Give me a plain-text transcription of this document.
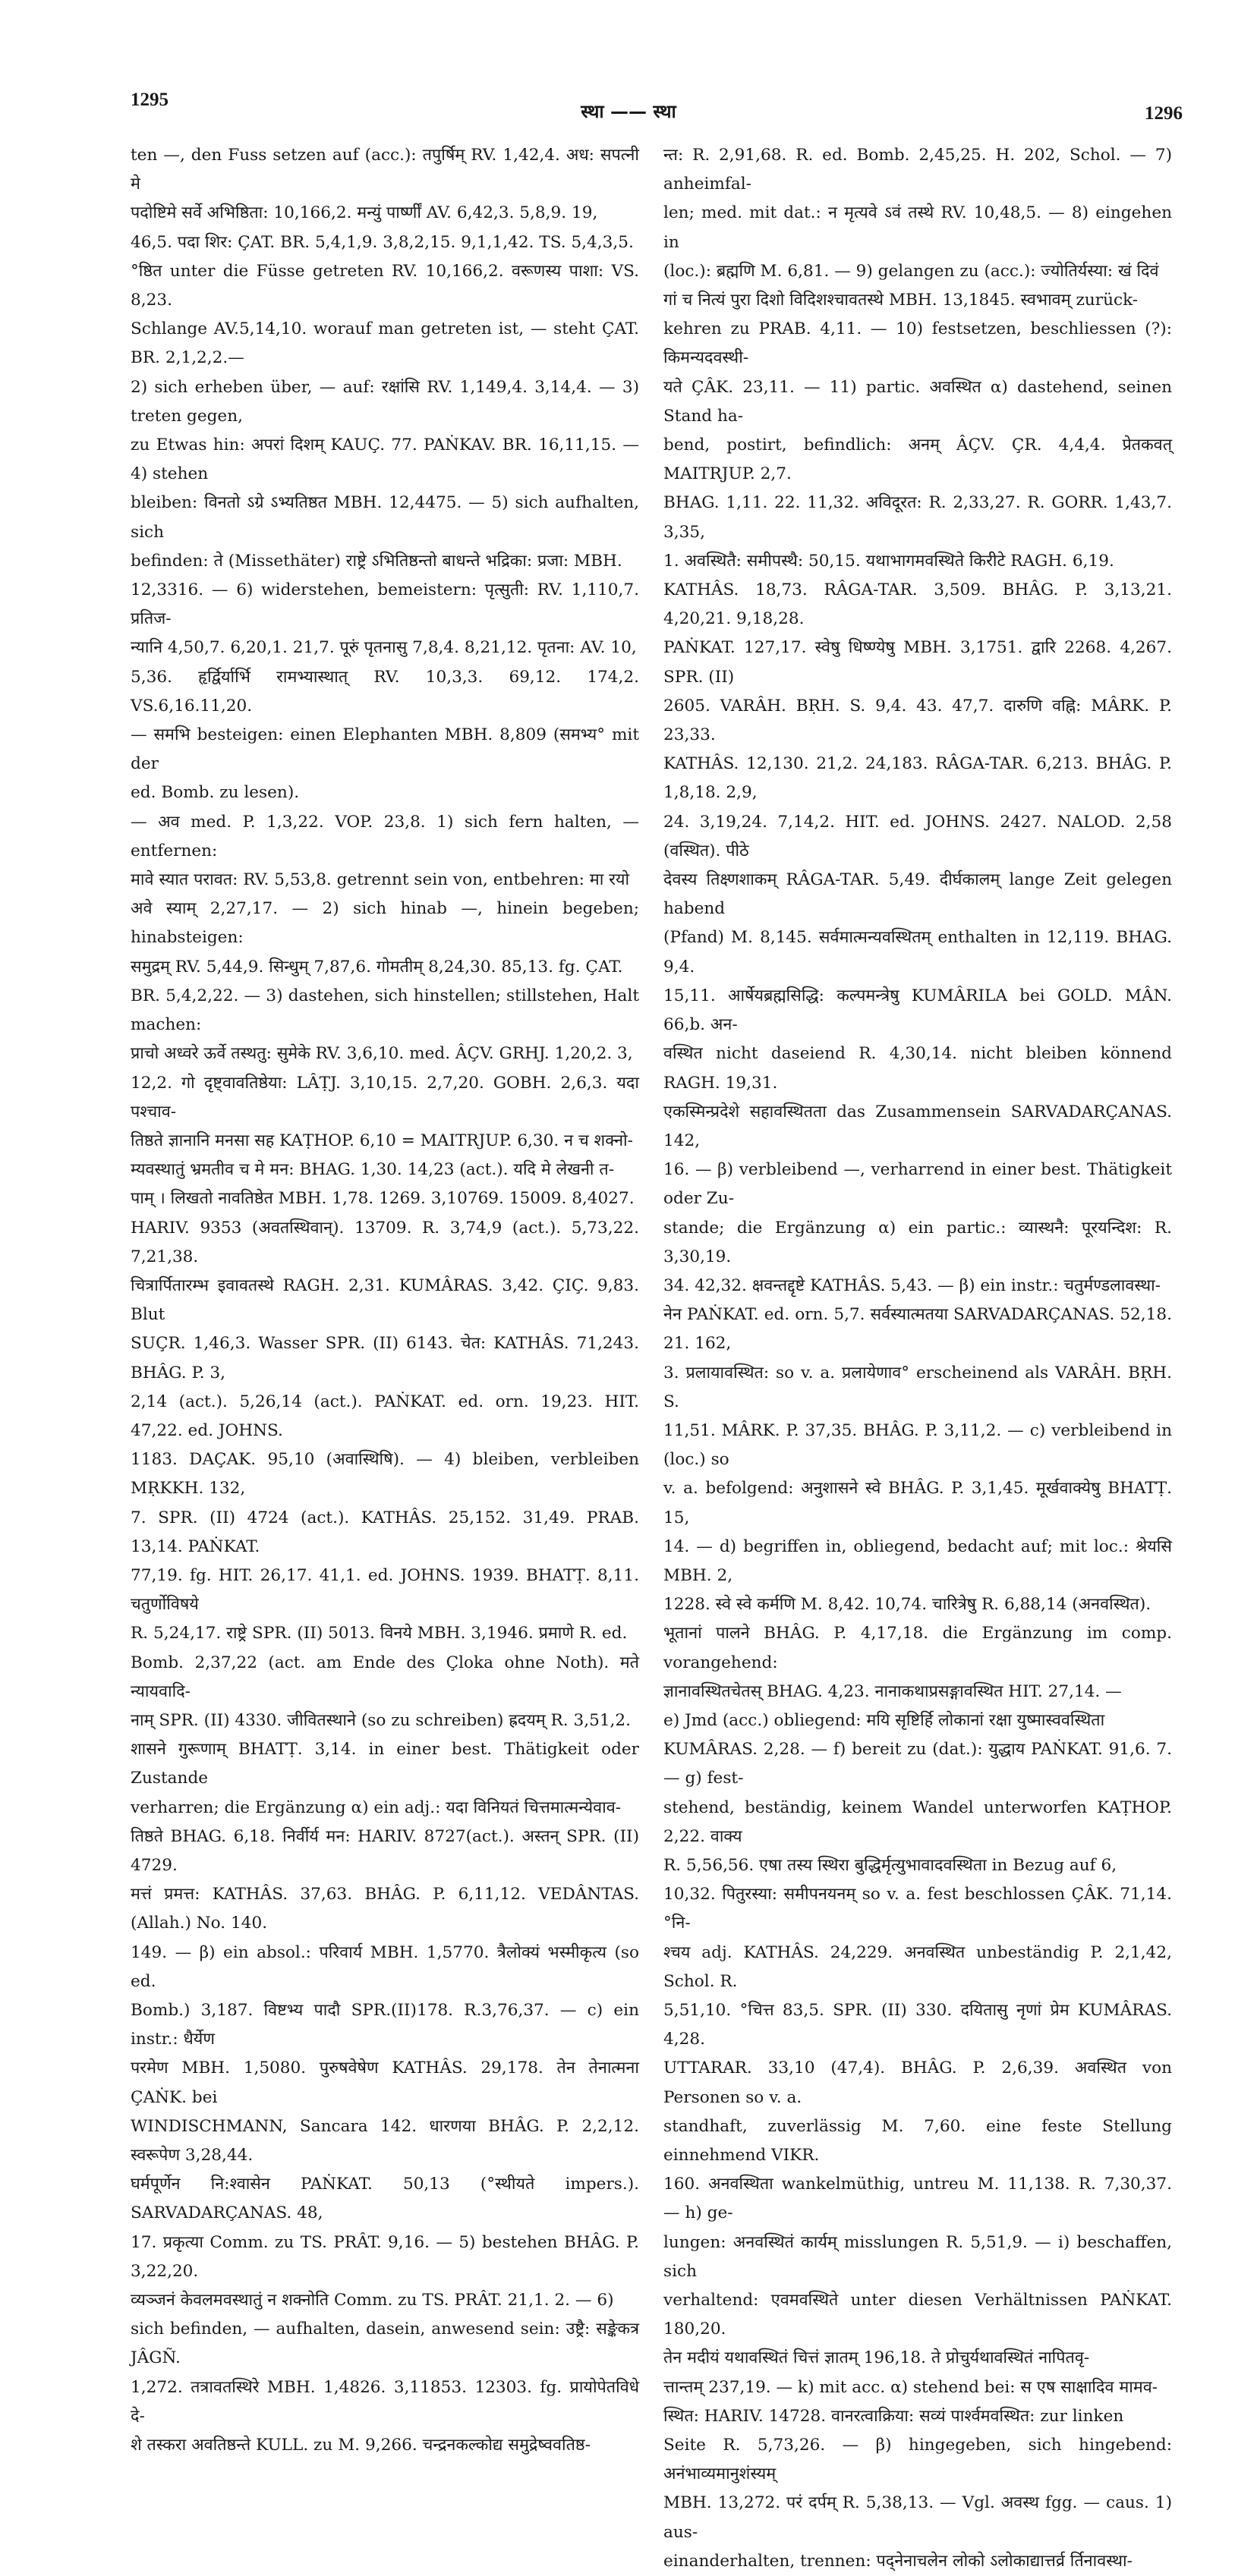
1295
स्था —— स्था	1296

ten —, den Fuss setzen auf (acc.): तपुर्षिम् RV. 1,42,4. अध: सपत्नी मे

पदोष्टिमे सर्वे अभिष्ठिता: 10,166,2. मन्युं पार्ष्णीं AV. 6,42,3. 5,8,9. 19,

46,5. पदा शिर: ÇAT. BR. 5,4,1,9. 3,8,2,15. 9,1,1,42. TS. 5,4,3,5.

°ष्ठित unter die Füsse getreten RV. 10,166,2. वरूणस्य पाशा: VS. 8,23.

Schlange AV.5,14,10. worauf man getreten ist, — steht ÇAT. BR. 2,1,2,2.—

2) sich erheben über, — auf: रक्षांसि RV. 1,149,4. 3,14,4. — 3) treten gegen,

zu Etwas hin: अपरां दिशम् KAUÇ. 77. PAṄKAV. BR. 16,11,15. — 4) stehen

bleiben: विनतो ऽग्रे ऽभ्यतिष्ठत MBH. 12,4475. — 5) sich aufhalten, sich

befinden: ते (Missethäter) राष्ट्रे ऽभितिष्ठन्तो बाधन्ते भद्रिका: प्रजा: MBH.

12,3316. — 6) widerstehen, bemeistern: पृत्सुती: RV. 1,110,7. प्रतिज-

न्यानि 4,50,7. 6,20,1. 21,7. पूरुं पृतनासु 7,8,4. 8,21,12. पृतना: AV. 10,

5,36. हृर्द्विर्यार्भि रामभ्यास्थात् RV. 10,3,3. 69,12. 174,2. VS.6,16.11,20.

— समभि besteigen: einen Elephanten MBH. 8,809 (समभ्य° mit der

ed. Bomb. zu lesen).

— अव med. P. 1,3,22. VOP. 23,8. 1) sich fern halten, — entfernen:

मावे स्यात परावत: RV. 5,53,8. getrennt sein von, entbehren: मा रयो

अवे स्याम् 2,27,17. — 2) sich hinab —, hinein begeben; hinabsteigen:

समुद्रम् RV. 5,44,9. सिन्धुम् 7,87,6. गोमतीम् 8,24,30. 85,13. fg. ÇAT.

BR. 5,4,2,22. — 3) dastehen, sich hinstellen; stillstehen, Halt machen:

प्राचो अध्वरे ऊर्वे तस्थतु: सुमेके RV. 3,6,10. med. ÂÇV. GRHJ. 1,20,2. 3,

12,2. गो दृष्ट्वावतिष्ठेया: LÂṬJ. 3,10,15. 2,7,20. GOBH. 2,6,3. यदा पश्चाव-

तिष्ठते ज्ञानानि मनसा सह KAṬHOP. 6,10 = MAITRJUP. 6,30. न च शक्नो-

म्यवस्थातुं भ्रमतीव च मे मन: BHAG. 1,30. 14,23 (act.). यदि मे लेखनी त-

पाम् । लिखतो नावतिष्ठेत MBH. 1,78. 1269. 3,10769. 15009. 8,4027.

HARIV. 9353 (अवतस्थिवान्). 13709. R. 3,74,9 (act.). 5,73,22. 7,21,38.

चित्रार्पितारम्भ इवावतस्थे RAGH. 2,31. KUMÂRAS. 3,42. ÇIÇ. 9,83. Blut

SUÇR. 1,46,3. Wasser SPR. (II) 6143. चेत: KATHÂS. 71,243. BHÂG. P. 3,

2,14 (act.). 5,26,14 (act.). PAṄKAT. ed. orn. 19,23. HIT. 47,22. ed. JOHNS.

1183. DAÇAK. 95,10 (अवास्थिषि). — 4) bleiben, verbleiben MṚKKH. 132,

7. SPR. (II) 4724 (act.). KATHÂS. 25,152. 31,49. PRAB. 13,14. PAṄKAT.

77,19. fg. HIT. 26,17. 41,1. ed. JOHNS. 1939. BHATṬ. 8,11. चतुर्णोविषये

R. 5,24,17. राष्ट्रे SPR. (II) 5013. विनये MBH. 3,1946. प्रमाणे R. ed.

Bomb. 2,37,22 (act. am Ende des Çloka ohne Noth). मते न्यायवादि-

नाम् SPR. (II) 4330. जीवितस्थाने (so zu schreiben) ह्रदयम् R. 3,51,2.

शासने गुरूणाम् BHATṬ. 3,14. in einer best. Thätigkeit oder Zustande

verharren; die Ergänzung α) ein adj.: यदा विनियतं चित्तमात्मन्येवाव-

तिष्ठते BHAG. 6,18. निर्वीर्य मन: HARIV. 8727(act.). अस्तन् SPR. (II) 4729.

मत्तं प्रमत्त: KATHÂS. 37,63. BHÂG. P. 6,11,12. VEDÂNTAS. (Allah.) No. 140.

149. — β) ein absol.: परिवार्य MBH. 1,5770. त्रैलोक्यं भस्मीकृत्य (so ed.

Bomb.) 3,187. विष्टभ्य पादौ SPR.(II)178. R.3,76,37. — c) ein instr.: धैर्येण

परमेण MBH. 1,5080. पुरुषवेषेण KATHÂS. 29,178. तेन तेनात्मना ÇAṄK. bei

WINDISCHMANN, Sancara 142. धारणया BHÂG. P. 2,2,12. स्वरूपेण 3,28,44.

घर्मपूर्णेन नि:श्वासेन PAṄKAT. 50,13 (°स्थीयते impers.). SARVADARÇANAS. 48,

17. प्रकृत्या Comm. zu TS. PRÂT. 9,16. — 5) bestehen BHÂG. P. 3,22,20.

व्यञ्जनं केवलमवस्थातुं न शक्नोति Comm. zu TS. PRÂT. 21,1. 2. — 6)

sich befinden, — aufhalten, dasein, anwesend sein: उष्ट्रै: सङ्केकत्र JÂGÑ.

1,272. तत्रावतस्थिरे MBH. 1,4826. 3,11853. 12303. fg. प्रायोपेतविधे दे-

शे तस्करा अवतिष्ठन्ते KULL. zu M. 9,266. चन्द्रनकल्कोद्य समुद्रेष्ववतिष्ठ-

न्त: R. 2,91,68. R. ed. Bomb. 2,45,25. H. 202, Schol. — 7) anheimfal-

len; med. mit dat.: न मृत्यवे ऽवं तस्थे RV. 10,48,5. — 8) eingehen in

(loc.): ब्रह्मणि M. 6,81. — 9) gelangen zu (acc.): ज्योतिर्यस्या: खं दिवं

गां च नित्यं पुरा दिशो विदिशश्चावतस्थे MBH. 13,1845. स्वभावम् zurück-

kehren zu PRAB. 4,11. — 10) festsetzen, beschliessen (?): किमन्यदवस्थी-

यते ÇÂK. 23,11. — 11) partic. अवस्थित α) dastehend, seinen Stand ha-

bend, postirt, befindlich: अनम् ÂÇV. ÇR. 4,4,4. प्रेतकवत् MAITRJUP. 2,7.

BHAG. 1,11. 22. 11,32. अविदूरत: R. 2,33,27. R. GORR. 1,43,7. 3,35,

1. अवस्थितै: समीपस्थै: 50,15. यथाभागमवस्थिते किरीटे RAGH. 6,19.

KATHÂS. 18,73. RÂGA-TAR. 3,509. BHÂG. P. 3,13,21. 4,20,21. 9,18,28.

PAṄKAT. 127,17. स्वेषु धिष्ण्येषु MBH. 3,1751. द्वारि 2268. 4,267. SPR. (II)

2605. VARÂH. BṚH. S. 9,4. 43. 47,7. दारुणि वह्नि: MÂRK. P. 23,33.

KATHÂS. 12,130. 21,2. 24,183. RÂGA-TAR. 6,213. BHÂG. P. 1,8,18. 2,9,

24. 3,19,24. 7,14,2. HIT. ed. JOHNS. 2427. NALOD. 2,58 (वस्थित). पीठे

देवस्य तिक्ष्णशाकम् RÂGA-TAR. 5,49. दीर्घकालम् lange Zeit gelegen habend

(Pfand) M. 8,145. सर्वमात्मन्यवस्थितम् enthalten in 12,119. BHAG. 9,4.

15,11. आर्षेयब्रह्मसिद्धि: कल्पमन्त्रेषु KUMÂRILA bei GOLD. MÂN. 66,b. अन-

वस्थित nicht daseiend R. 4,30,14. nicht bleiben könnend RAGH. 19,31.

एकस्मिन्प्रदेशे सहावस्थितता das Zusammensein SARVADARÇANAS. 142,

16. — β) verbleibend —, verharrend in einer best. Thätigkeit oder Zu-

stande; die Ergänzung α) ein partic.: व्यास्थनै: पूरयन्दिश: R. 3,30,19.

34. 42,32. क्षवन्तद्दृष्टे KATHÂS. 5,43. — β) ein instr.: चतुर्मण्डलावस्था-

नेन PAṄKAT. ed. orn. 5,7. सर्वस्यात्मतया SARVADARÇANAS. 52,18. 21. 162,

3. प्रलायावस्थित: so v. a. प्रलायेणाव° erscheinend als VARÂH. BṚH. S.

11,51. MÂRK. P. 37,35. BHÂG. P. 3,11,2. — c) verbleibend in (loc.) so

v. a. befolgend: अनुशासने स्वे BHÂG. P. 3,1,45. मूर्खवाक्येषु BHATṬ. 15,

14. — d) begriffen in, obliegend, bedacht auf; mit loc.: श्रेयसि MBH. 2,

1228. स्वे स्वे कर्मणि M. 8,42. 10,74. चारित्रेषु R. 6,88,14 (अनवस्थित).

भूतानां पालने BHÂG. P. 4,17,18. die Ergänzung im comp. vorangehend:

ज्ञानावस्थितचेतस् BHAG. 4,23. नानाकथाप्रसङ्गावस्थित HIT. 27,14. —

e) Jmd (acc.) obliegend: मयि सृष्टिर्हि लोकानां रक्षा युष्मास्ववस्थिता

KUMÂRAS. 2,28. — f) bereit zu (dat.): युद्धाय PAṄKAT. 91,6. 7. — g) fest-

stehend, beständig, keinem Wandel unterworfen KAṬHOP. 2,22. वाक्य

R. 5,56,56. एषा तस्य स्थिरा बुद्धिर्मृत्युभावादवस्थिता in Bezug auf 6,

10,32. पितुरस्या: समीपनयनम् so v. a. fest beschlossen ÇÂK. 71,14. °नि-

श्चय adj. KATHÂS. 24,229. अनवस्थित unbeständig P. 2,1,42, Schol. R.

5,51,10. °चित्त 83,5. SPR. (II) 330. दयितासु नृणां प्रेम KUMÂRAS. 4,28.

UTTARAR. 33,10 (47,4). BHÂG. P. 2,6,39. अवस्थित von Personen so v. a.

standhaft, zuverlässig M. 7,60. eine feste Stellung einnehmend VIKR.

160. अनवस्थिता wankelmüthig, untreu M. 11,138. R. 7,30,37. — h) ge-

lungen: अनवस्थितं कार्यम् misslungen R. 5,51,9. — i) beschaffen, sich

verhaltend: एवमवस्थिते unter diesen Verhältnissen PAṄKAT. 180,20.

तेन मदीयं यथावस्थितं चित्तं ज्ञातम् 196,18. ते प्रोचुर्यथावस्थितं नापितवृ-

त्तान्तम् 237,19. — k) mit acc. α) stehend bei: स एष साक्षादिव मामव-

स्थित: HARIV. 14728. वानरत्वाक्रिया: सव्यं पार्श्वमवस्थित: zur linken

Seite R. 5,73,26. — β) hingegeben, sich hingebend: अनंभाव्यमानुशंस्यम्

MBH. 13,272. परं दर्पम् R. 5,38,13. — Vgl. अवस्थ fgg. — caus. 1) aus-

einanderhalten, trennen: पद्नेनाचलेन लोको ऽलोकाद्यात्तर्व्र र्तिनावस्था-
